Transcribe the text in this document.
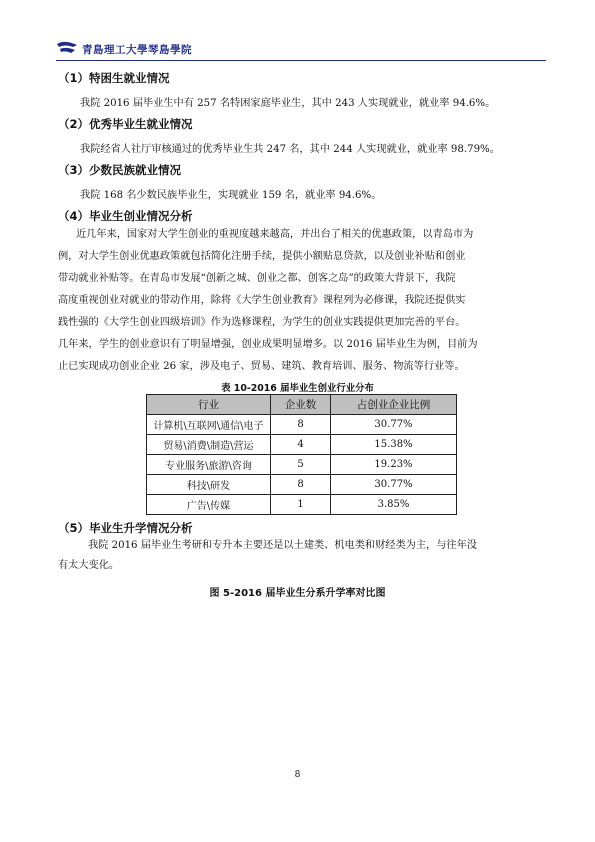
青島理工大學琴島學院
（1）特困生就业情况
我院 2016 届毕业生中有 257 名特困家庭毕业生，其中 243 人实现就业，就业率 94.6%。
（2）优秀毕业生就业情况
我院经省人社厅审核通过的优秀毕业生共 247 名，其中 244 人实现就业，就业率 98.79%。
（3）少数民族就业情况
我院 168 名少数民族毕业生，实现就业 159 名，就业率 94.6%。
（4）毕业生创业情况分析
近几年来，国家对大学生创业的重视度越来越高，并出台了相关的优惠政策，以青岛市为
例，对大学生创业优惠政策就包括简化注册手续，提供小额贴息贷款，以及创业补贴和创业
带动就业补贴等。在青岛市发展“创新之城、创业之都、创客之岛”的政策大背景下，我院
高度重视创业对就业的带动作用，除将《大学生创业教育》课程列为必修课，我院还提供实
践性强的《大学生创业四级培训》作为选修课程，为学生的创业实践提供更加完善的平台。
几年来，学生的创业意识有了明显增强，创业成果明显增多。以 2016 届毕业生为例，目前为
止已实现成功创业企业 26 家，涉及电子、贸易、建筑、教育培训、服务、物流等行业等。
表 10-2016 届毕业生创业行业分布
行业	企业数	占创业企业比例
计算机\互联网\通信\电子	8	30.77%
贸易\消费\制造\营运	4	15.38%
专业服务\旅游\咨询	5	19.23%
科技\研发	8	30.77%
广告\传媒	1	3.85%
（5）毕业生升学情况分析
我院 2016 届毕业生考研和专升本主要还是以土建类、机电类和财经类为主，与往年没
有太大变化。
图 5-2016 届毕业生分系升学率对比图
8
